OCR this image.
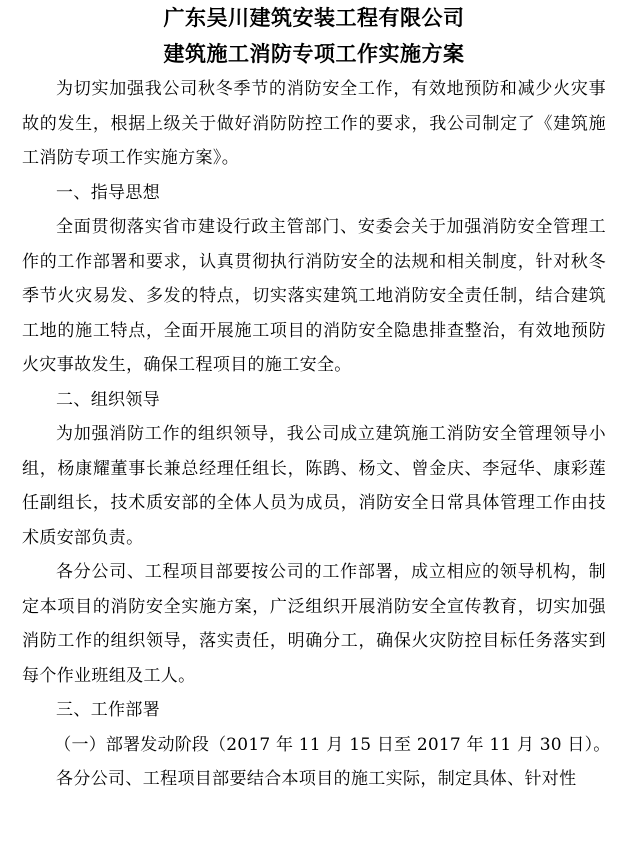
广东吴川建筑安装工程有限公司
建筑施工消防专项工作实施方案

为切实加强我公司秋冬季节的消防安全工作，有效地预防和减少火灾事故的发生，根据上级关于做好消防防控工作的要求，我公司制定了《建筑施工消防专项工作实施方案》。

一、指导思想

全面贯彻落实省市建设行政主管部门、安委会关于加强消防安全管理工作的工作部署和要求，认真贯彻执行消防安全的法规和相关制度，针对秋冬季节火灾易发、多发的特点，切实落实建筑工地消防安全责任制，结合建筑工地的施工特点，全面开展施工项目的消防安全隐患排查整治，有效地预防火灾事故发生，确保工程项目的施工安全。

二、组织领导

为加强消防工作的组织领导，我公司成立建筑施工消防安全管理领导小组，杨康耀董事长兼总经理任组长，陈鹍、杨文、曾金庆、李冠华、康彩莲任副组长，技术质安部的全体人员为成员，消防安全日常具体管理工作由技术质安部负责。

各分公司、工程项目部要按公司的工作部署，成立相应的领导机构，制定本项目的消防安全实施方案，广泛组织开展消防安全宣传教育，切实加强消防工作的组织领导，落实责任，明确分工，确保火灾防控目标任务落实到每个作业班组及工人。

三、工作部署

（一）部署发动阶段（2017 年 11 月 15 日至 2017 年 11 月 30 日）。

各分公司、工程项目部要结合本项目的施工实际，制定具体、针对性
